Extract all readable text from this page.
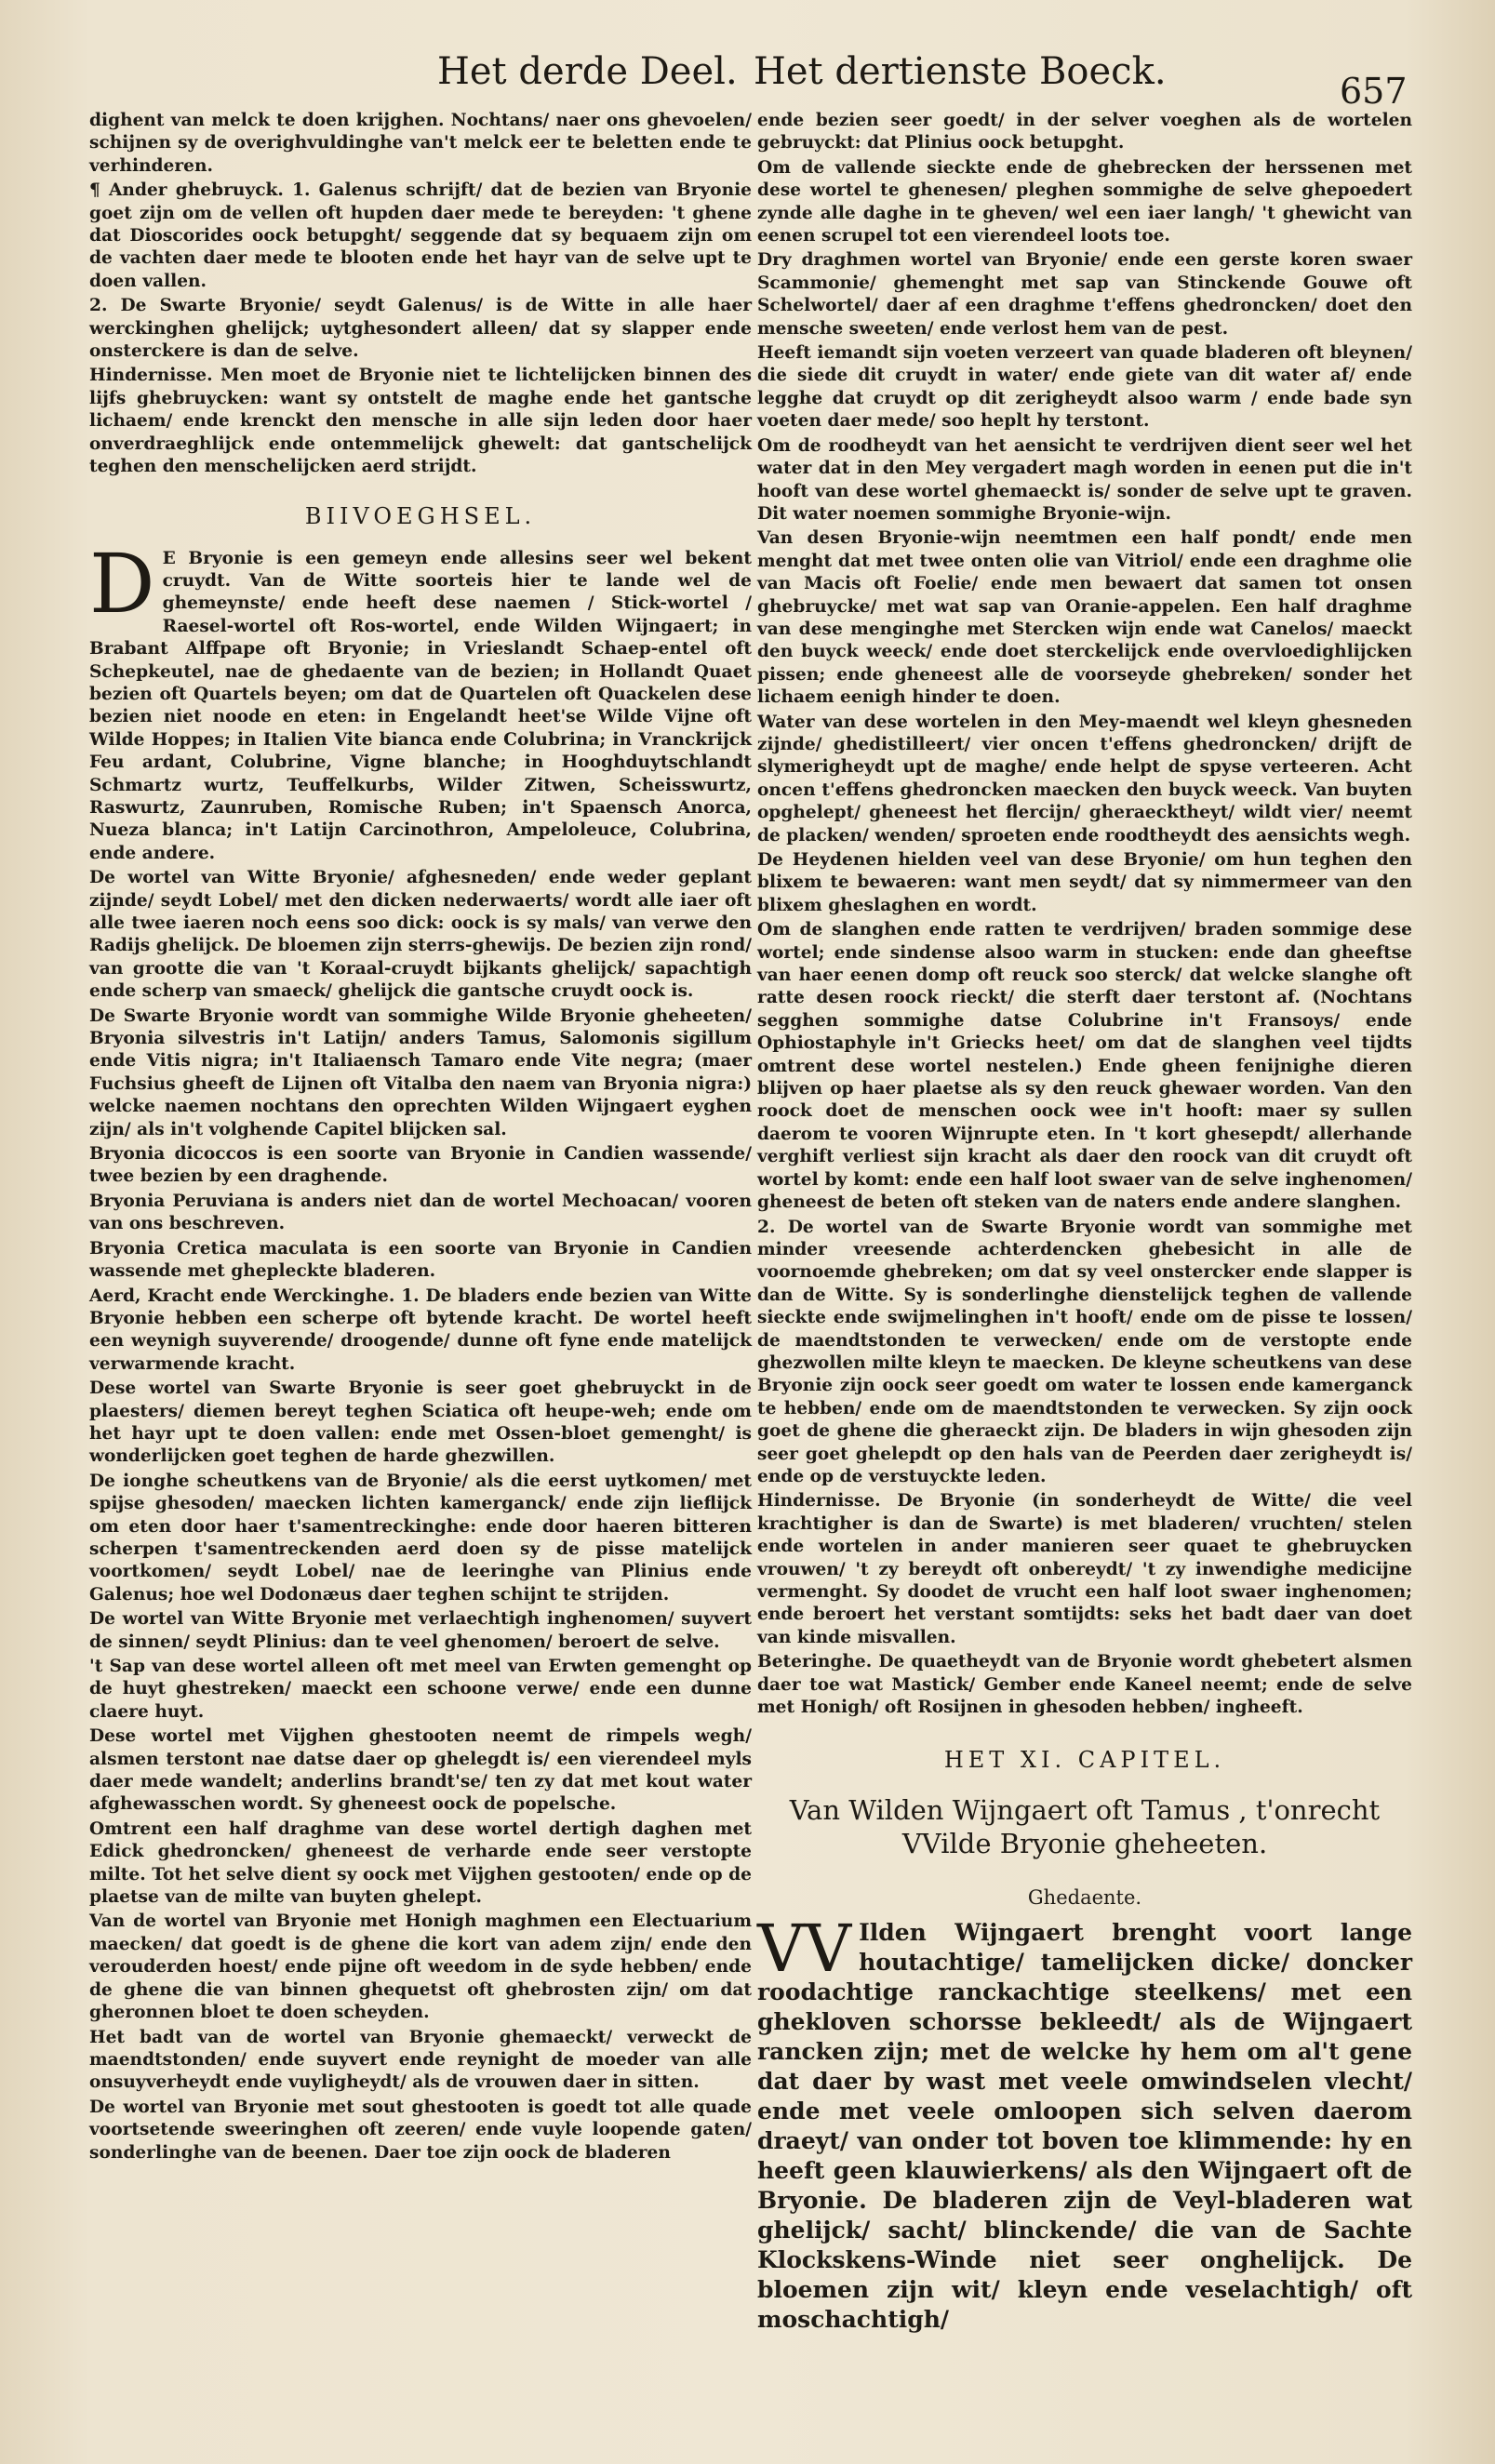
Het derde Deel. Het dertienste Boeck.	657

dighent van melck te doen krijghen. Nochtans/ naer ons ghevoelen/ schijnen sy de overighvuldinghe van't melck eer te beletten ende te verhinderen.

¶ Ander ghebruyck. 1. Galenus schrijft/ dat de bezien van Bryonie goet zijn om de vellen oft hupden daer mede te bereyden: 't ghene dat Dioscorides oock betupght/ seggende dat sy bequaem zijn om de vachten daer mede te blooten ende het hayr van de selve upt te doen vallen.

2. De Swarte Bryonie/ seydt Galenus/ is de Witte in alle haer werckinghen ghelijck; uytghesondert alleen/ dat sy slapper ende onsterckere is dan de selve.

Hindernisse. Men moet de Bryonie niet te lichtelijcken binnen des lijfs ghebruycken: want sy ontstelt de maghe ende het gantsche lichaem/ ende krenckt den mensche in alle sijn leden door haer onverdraeghlijck ende ontemmelijck ghewelt: dat gantschelijck teghen den menschelijcken aerd strijdt.

BIIVOEGHSEL.

D E Bryonie is een gemeyn ende allesins seer wel bekent cruydt. Van de Witte soorteis hier te lande wel de ghemeynste/ ende heeft dese naemen / Stick-wortel / Raesel-wortel oft Ros-wortel, ende Wilden Wijngaert; in Brabant Alffpape oft Bryonie; in Vrieslandt Schaep-entel oft Schepkeutel, nae de ghedaente van de bezien; in Hollandt Quaet bezien oft Quartels beyen; om dat de Quartelen oft Quackelen dese bezien niet noode en eten: in Engelandt heet'se Wilde Vijne oft Wilde Hoppes; in Italien Vite bianca ende Colubrina; in Vranckrijck Feu ardant, Colubrine, Vigne blanche; in Hooghduytschlandt Schmartz wurtz, Teuffelkurbs, Wilder Zitwen, Scheisswurtz, Raswurtz, Zaunruben, Romische Ruben; in't Spaensch Anorca, Nueza blanca; in't Latijn Carcinothron, Ampeloleuce, Colubrina, ende andere.

De wortel van Witte Bryonie/ afghesneden/ ende weder geplant zijnde/ seydt Lobel/ met den dicken nederwaerts/ wordt alle iaer oft alle twee iaeren noch eens soo dick: oock is sy mals/ van verwe den Radijs ghelijck. De bloemen zijn sterrs-ghewijs. De bezien zijn rond/ van grootte die van 't Koraal-cruydt bijkants ghelijck/ sapachtigh ende scherp van smaeck/ ghelijck die gantsche cruydt oock is.

De Swarte Bryonie wordt van sommighe Wilde Bryonie gheheeten/ Bryonia silvestris in't Latijn/ anders Tamus, Salomonis sigillum ende Vitis nigra; in't Italiaensch Tamaro ende Vite negra; (maer Fuchsius gheeft de Lijnen oft Vitalba den naem van Bryonia nigra:) welcke naemen nochtans den oprechten Wilden Wijngaert eyghen zijn/ als in't volghende Capitel blijcken sal.

Bryonia dicoccos is een soorte van Bryonie in Candien wassende/ twee bezien by een draghende.

Bryonia Peruviana is anders niet dan de wortel Mechoacan/ vooren van ons beschreven.

Bryonia Cretica maculata is een soorte van Bryonie in Candien wassende met ghepleckte bladeren.

Aerd, Kracht ende Werckinghe. 1. De bladers ende bezien van Witte Bryonie hebben een scherpe oft bytende kracht. De wortel heeft een weynigh suyverende/ droogende/ dunne oft fyne ende matelijck verwarmende kracht.

Dese wortel van Swarte Bryonie is seer goet ghebruyckt in de plaesters/ diemen bereyt teghen Sciatica oft heupe-weh; ende om het hayr upt te doen vallen: ende met Ossen-bloet gemenght/ is wonderlijcken goet teghen de harde ghezwillen.

De ionghe scheutkens van de Bryonie/ als die eerst uytkomen/ met spijse ghesoden/ maecken lichten kamerganck/ ende zijn lieflijck om eten door haer t'samentreckinghe: ende door haeren bitteren scherpen t'samentreckenden aerd doen sy de pisse matelijck voortkomen/ seydt Lobel/ nae de leeringhe van Plinius ende Galenus; hoe wel Dodonæus daer teghen schijnt te strijden.

De wortel van Witte Bryonie met verlaechtigh inghenomen/ suyvert de sinnen/ seydt Plinius: dan te veel ghenomen/ beroert de selve.

't Sap van dese wortel alleen oft met meel van Erwten gemenght op de huyt ghestreken/ maeckt een schoone verwe/ ende een dunne claere huyt.

Dese wortel met Vijghen ghestooten neemt de rimpels wegh/ alsmen terstont nae datse daer op ghelegdt is/ een vierendeel myls daer mede wandelt; anderlins brandt'se/ ten zy dat met kout water afghewasschen wordt. Sy gheneest oock de popelsche.

Omtrent een half draghme van dese wortel dertigh daghen met Edick ghedroncken/ gheneest de verharde ende seer verstopte milte. Tot het selve dient sy oock met Vijghen gestooten/ ende op de plaetse van de milte van buyten ghelept.

Van de wortel van Bryonie met Honigh maghmen een Electuarium maecken/ dat goedt is de ghene die kort van adem zijn/ ende den verouderden hoest/ ende pijne oft weedom in de syde hebben/ ende de ghene die van binnen ghequetst oft ghebrosten zijn/ om dat gheronnen bloet te doen scheyden.

Het badt van de wortel van Bryonie ghemaeckt/ verweckt de maendtstonden/ ende suyvert ende reynight de moeder van alle onsuyverheydt ende vuyligheydt/ als de vrouwen daer in sitten.

De wortel van Bryonie met sout ghestooten is goedt tot alle quade voortsetende sweeringhen oft zeeren/ ende vuyle loopende gaten/ sonderlinghe van de beenen. Daer toe zijn oock de bladeren

ende bezien seer goedt/ in der selver voeghen als de wortelen gebruyckt: dat Plinius oock betupght.

Om de vallende sieckte ende de ghebrecken der herssenen met dese wortel te ghenesen/ pleghen sommighe de selve ghepoedert zynde alle daghe in te gheven/ wel een iaer langh/ 't ghewicht van eenen scrupel tot een vierendeel loots toe.

Dry draghmen wortel van Bryonie/ ende een gerste koren swaer Scammonie/ ghemenght met sap van Stinckende Gouwe oft Schelwortel/ daer af een draghme t'effens ghedroncken/ doet den mensche sweeten/ ende verlost hem van de pest.

Heeft iemandt sijn voeten verzeert van quade bladeren oft bleynen/ die siede dit cruydt in water/ ende giete van dit water af/ ende legghe dat cruydt op dit zerigheydt alsoo warm / ende bade syn voeten daer mede/ soo heplt hy terstont.

Om de roodheydt van het aensicht te verdrijven dient seer wel het water dat in den Mey vergadert magh worden in eenen put die in't hooft van dese wortel ghemaeckt is/ sonder de selve upt te graven. Dit water noemen sommighe Bryonie-wijn.

Van desen Bryonie-wijn neemtmen een half pondt/ ende men menght dat met twee onten olie van Vitriol/ ende een draghme olie van Macis oft Foelie/ ende men bewaert dat samen tot onsen ghebruycke/ met wat sap van Oranie-appelen. Een half draghme van dese menginghe met Stercken wijn ende wat Canelos/ maeckt den buyck weeck/ ende doet sterckelijck ende overvloedighlijcken pissen; ende gheneest alle de voorseyde ghebreken/ sonder het lichaem eenigh hinder te doen.

Water van dese wortelen in den Mey-maendt wel kleyn ghesneden zijnde/ ghedistilleert/ vier oncen t'effens ghedroncken/ drijft de slymerigheydt upt de maghe/ ende helpt de spyse verteeren. Acht oncen t'effens ghedroncken maecken den buyck weeck. Van buyten opghelept/ gheneest het flercijn/ gheraecktheyt/ wildt vier/ neemt de placken/ wenden/ sproeten ende roodtheydt des aensichts wegh.

De Heydenen hielden veel van dese Bryonie/ om hun teghen den blixem te bewaeren: want men seydt/ dat sy nimmermeer van den blixem gheslaghen en wordt.

Om de slanghen ende ratten te verdrijven/ braden sommige dese wortel; ende sindense alsoo warm in stucken: ende dan gheeftse van haer eenen domp oft reuck soo sterck/ dat welcke slanghe oft ratte desen roock rieckt/ die sterft daer terstont af. (Nochtans segghen sommighe datse Colubrine in't Fransoys/ ende Ophiostaphyle in't Griecks heet/ om dat de slanghen veel tijdts omtrent dese wortel nestelen.) Ende gheen fenijnighe dieren blijven op haer plaetse als sy den reuck ghewaer worden. Van den roock doet de menschen oock wee in't hooft: maer sy sullen daerom te vooren Wijnrupte eten. In 't kort ghesepdt/ allerhande verghift verliest sijn kracht als daer den roock van dit cruydt oft wortel by komt: ende een half loot swaer van de selve inghenomen/ gheneest de beten oft steken van de naters ende andere slanghen.

2. De wortel van de Swarte Bryonie wordt van sommighe met minder vreesende achterdencken ghebesicht in alle de voornoemde ghebreken; om dat sy veel onstercker ende slapper is dan de Witte. Sy is sonderlinghe dienstelijck teghen de vallende sieckte ende swijmelinghen in't hooft/ ende om de pisse te lossen/ de maendtstonden te verwecken/ ende om de verstopte ende ghezwollen milte kleyn te maecken. De kleyne scheutkens van dese Bryonie zijn oock seer goedt om water te lossen ende kamerganck te hebben/ ende om de maendtstonden te verwecken. Sy zijn oock goet de ghene die gheraeckt zijn. De bladers in wijn ghesoden zijn seer goet ghelepdt op den hals van de Peerden daer zerigheydt is/ ende op de verstuyckte leden.

Hindernisse. De Bryonie (in sonderheydt de Witte/ die veel krachtigher is dan de Swarte) is met bladeren/ vruchten/ stelen ende wortelen in ander manieren seer quaet te ghebruycken vrouwen/ 't zy bereydt oft onbereydt/ 't zy inwendighe medicijne vermenght. Sy doodet de vrucht een half loot swaer inghenomen; ende beroert het verstant somtijdts: seks het badt daer van doet van kinde misvallen.

Beteringhe. De quaetheydt van de Bryonie wordt ghebetert alsmen daer toe wat Mastick/ Gember ende Kaneel neemt; ende de selve met Honigh/ oft Rosijnen in ghesoden hebben/ ingheeft.

HET XI. CAPITEL.
Van Wilden Wijngaert oft Tamus , t'onrecht
VVilde Bryonie gheheeten.
Ghedaente.

VV Ilden Wijngaert brenght voort lange houtachtige/ tamelijcken dicke/ doncker roodachtige ranckachtige steelkens/ met een ghekloven schorsse bekleedt/ als de Wijngaert rancken zijn; met de welcke hy hem om al't gene dat daer by wast met veele omwindselen vlecht/ ende met veele omloopen sich selven daerom draeyt/ van onder tot boven toe klimmende: hy en heeft geen klauwierkens/ als den Wijngaert oft de Bryonie. De bladeren zijn de Veyl-bladeren wat ghelijck/ sacht/ blinckende/ die van de Sachte Klockskens-Winde niet seer onghelijck. De bloemen zijn wit/ kleyn ende veselachtigh/ oft moschachtigh/
